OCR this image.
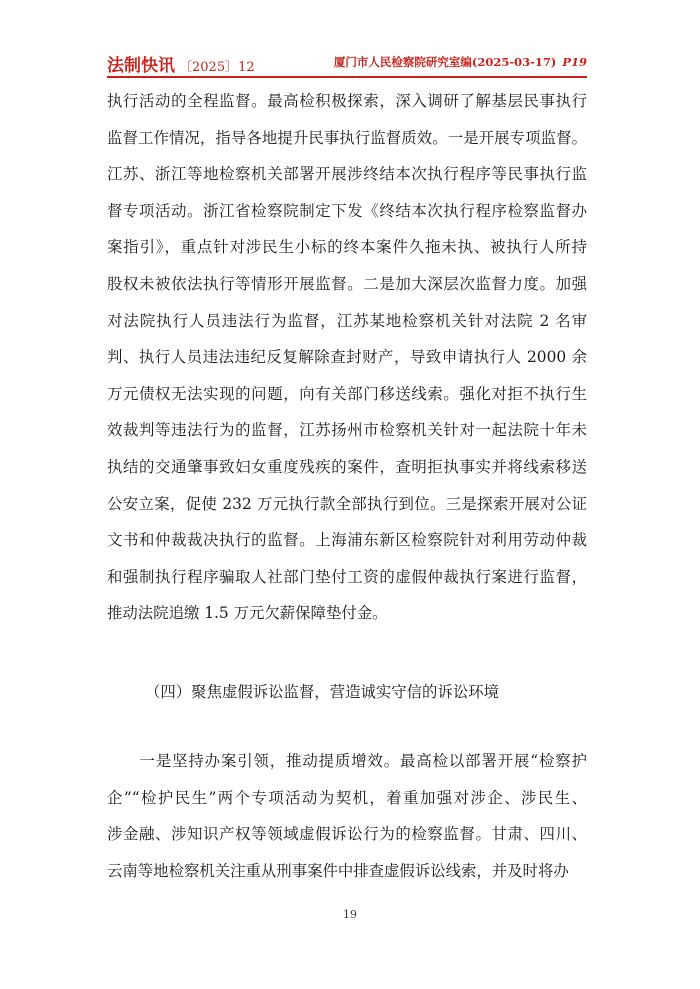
法制快讯 〔2025〕12	厦门市人民检察院研究室编(2025-03-17) P19
执行活动的全程监督。最高检积极探索，深入调研了解基层民事执行
监督工作情况，指导各地提升民事执行监督质效。一是开展专项监督。
江苏、浙江等地检察机关部署开展涉终结本次执行程序等民事执行监
督专项活动。浙江省检察院制定下发《终结本次执行程序检察监督办
案指引》，重点针对涉民生小标的终本案件久拖未执、被执行人所持
股权未被依法执行等情形开展监督。二是加大深层次监督力度。加强
对法院执行人员违法行为监督，江苏某地检察机关针对法院 2 名审
判、执行人员违法违纪反复解除查封财产，导致申请执行人 2000 余
万元债权无法实现的问题，向有关部门移送线索。强化对拒不执行生
效裁判等违法行为的监督，江苏扬州市检察机关针对一起法院十年未
执结的交通肇事致妇女重度残疾的案件，查明拒执事实并将线索移送
公安立案，促使 232 万元执行款全部执行到位。三是探索开展对公证
文书和仲裁裁决执行的监督。上海浦东新区检察院针对利用劳动仲裁
和强制执行程序骗取人社部门垫付工资的虚假仲裁执行案进行监督，
推动法院追缴 1.5 万元欠薪保障垫付金。
（四）聚焦虚假诉讼监督，营造诚实守信的诉讼环境
　　一是坚持办案引领，推动提质增效。最高检以部署开展“检察护
企”“检护民生”两个专项活动为契机，着重加强对涉企、涉民生、
涉金融、涉知识产权等领域虚假诉讼行为的检察监督。甘肃、四川、
云南等地检察机关注重从刑事案件中排查虚假诉讼线索，并及时将办
19
